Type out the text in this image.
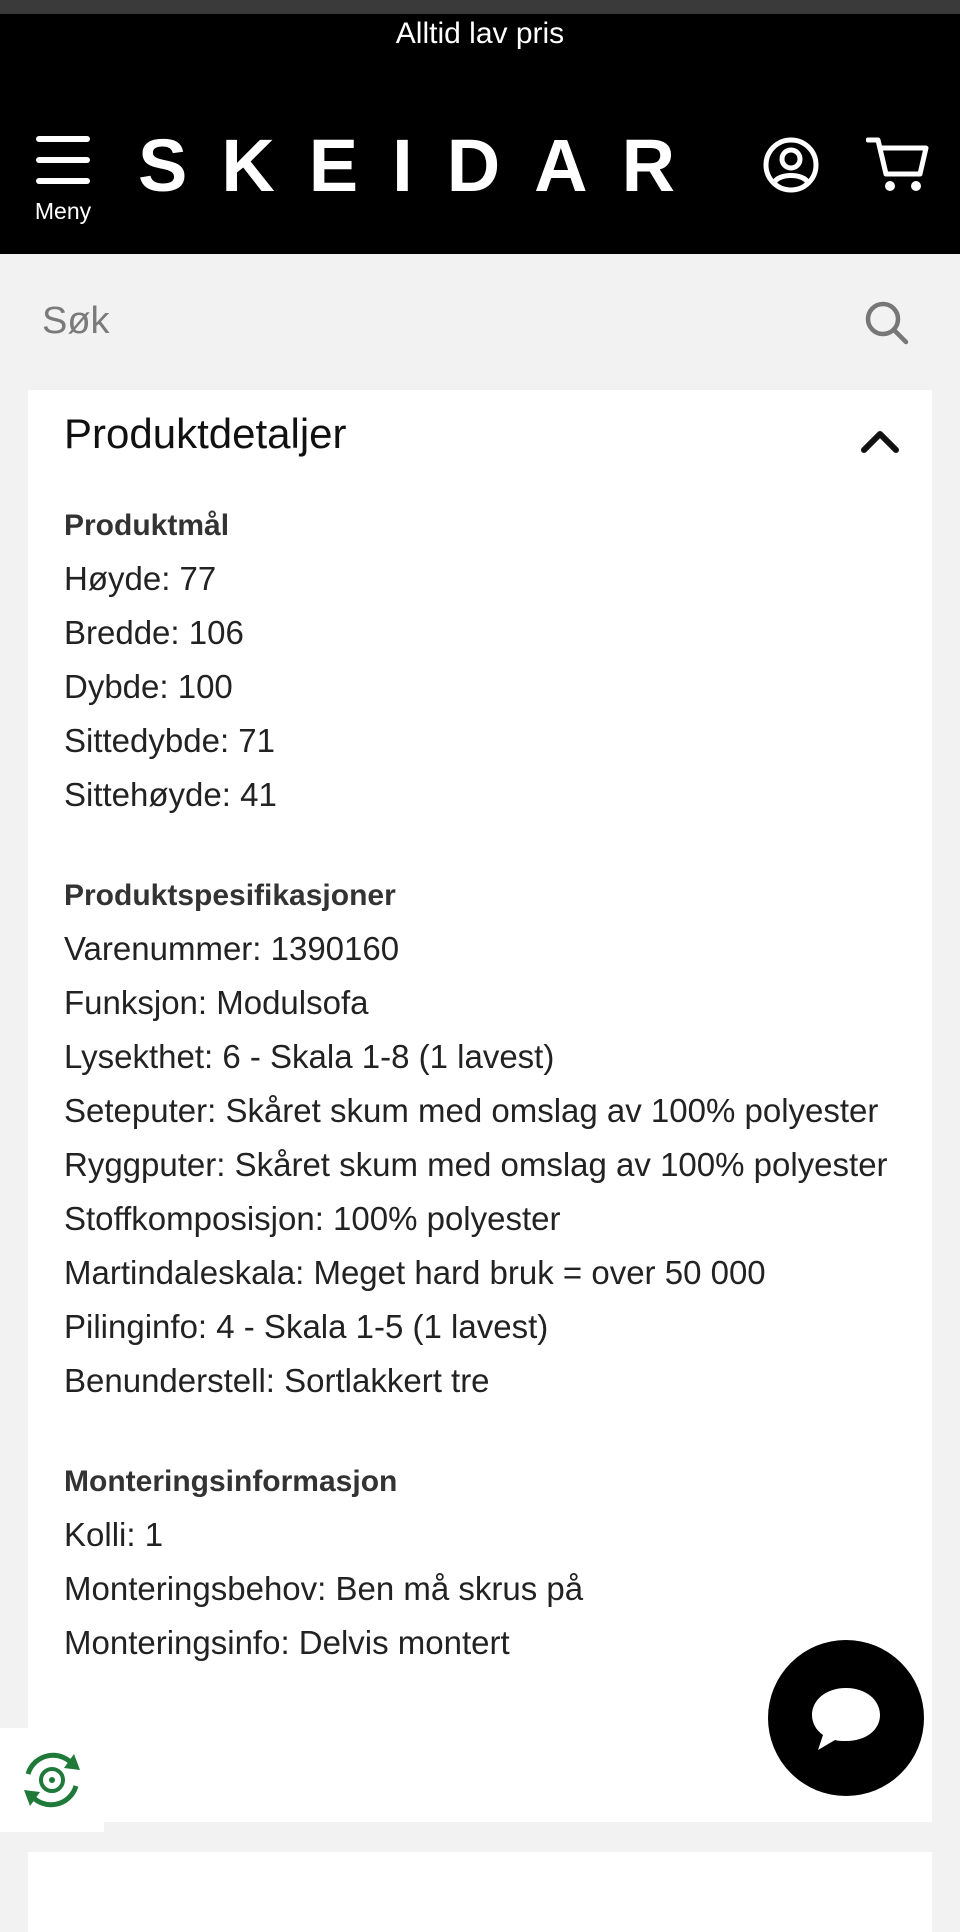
Alltid lav pris
Meny
SKEIDAR
Søk
Produktdetaljer
Produktmål
Høyde: 77
Bredde: 106
Dybde: 100
Sittedybde: 71
Sittehøyde: 41
Produktspesifikasjoner
Varenummer: 1390160
Funksjon: Modulsofa
Lysekthet: 6 - Skala 1-8 (1 lavest)
Seteputer: Skåret skum med omslag av 100% polyester
Ryggputer: Skåret skum med omslag av 100% polyester
Stoffkomposisjon: 100% polyester
Martindaleskala: Meget hard bruk = over 50 000
Pilinginfo: 4 - Skala 1-5 (1 lavest)
Benunderstell: Sortlakkert tre
Monteringsinformasjon
Kolli: 1
Monteringsbehov: Ben må skrus på
Monteringsinfo: Delvis montert
